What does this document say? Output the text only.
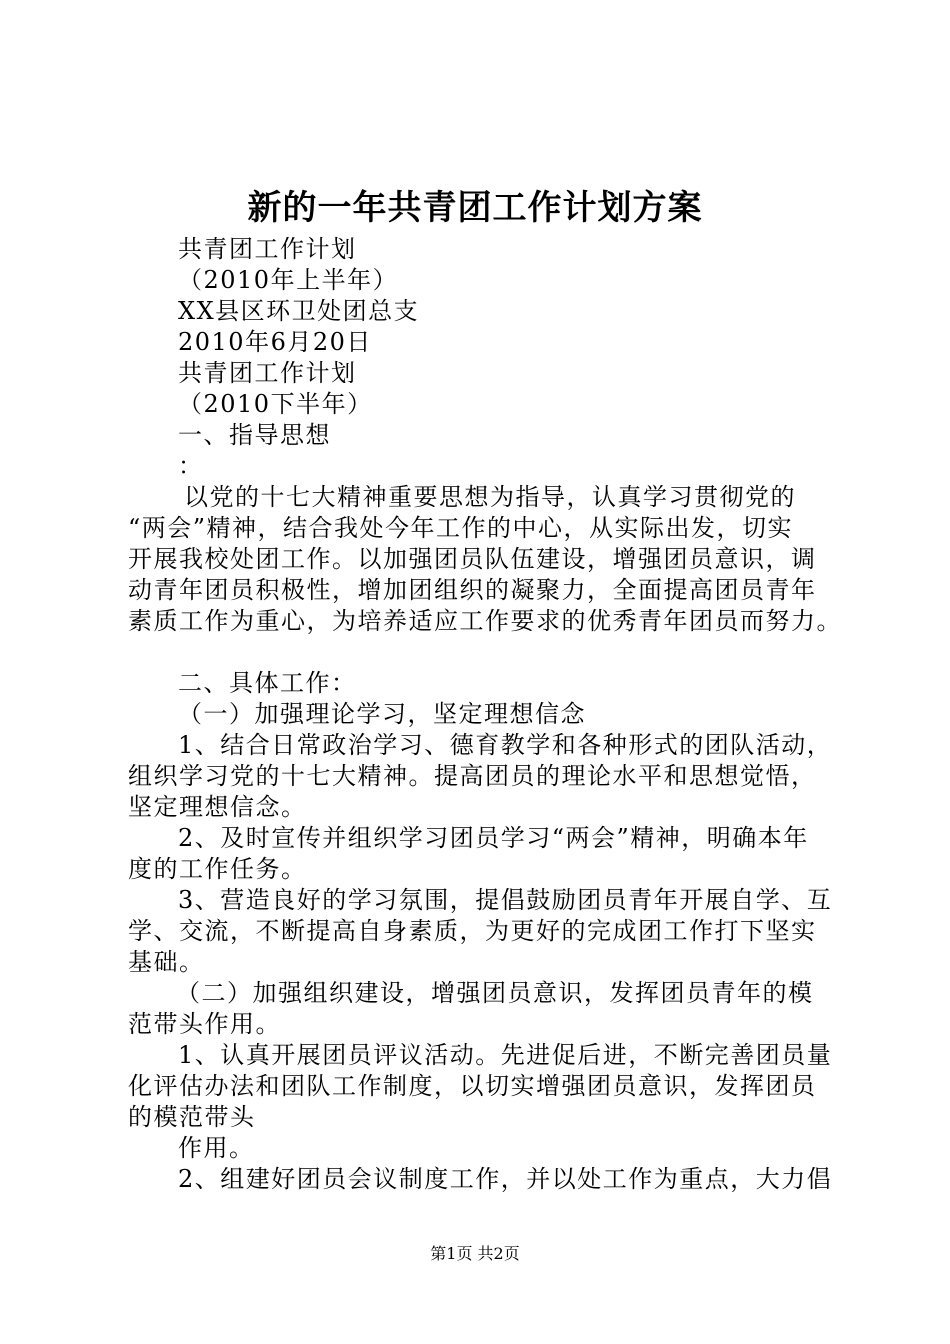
新的一年共青团工作计划方案
共青团工作计划
（2010年上半年）
XX县区环卫处团总支
2010年6月20日
共青团工作计划
（2010下半年）
一、指导思想
：
以党的十七大精神重要思想为指导，认真学习贯彻党的
“两会”精神，结合我处今年工作的中心，从实际出发，切实
开展我校处团工作。以加强团员队伍建设，增强团员意识，调
动青年团员积极性，增加团组织的凝聚力，全面提高团员青年
素质工作为重心，为培养适应工作要求的优秀青年团员而努力。
二、具体工作：
（一）加强理论学习，坚定理想信念
1、结合日常政治学习、德育教学和各种形式的团队活动，
组织学习党的十七大精神。提高团员的理论水平和思想觉悟，
坚定理想信念。
2、及时宣传并组织学习团员学习“两会”精神，明确本年
度的工作任务。
3、营造良好的学习氛围，提倡鼓励团员青年开展自学、互
学、交流，不断提高自身素质，为更好的完成团工作打下坚实
基础。
（二）加强组织建设，增强团员意识，发挥团员青年的模
范带头作用。
1、认真开展团员评议活动。先进促后进，不断完善团员量
化评估办法和团队工作制度，以切实增强团员意识，发挥团员
的模范带头
作用。
2、组建好团员会议制度工作，并以处工作为重点，大力倡
第1页 共2页
